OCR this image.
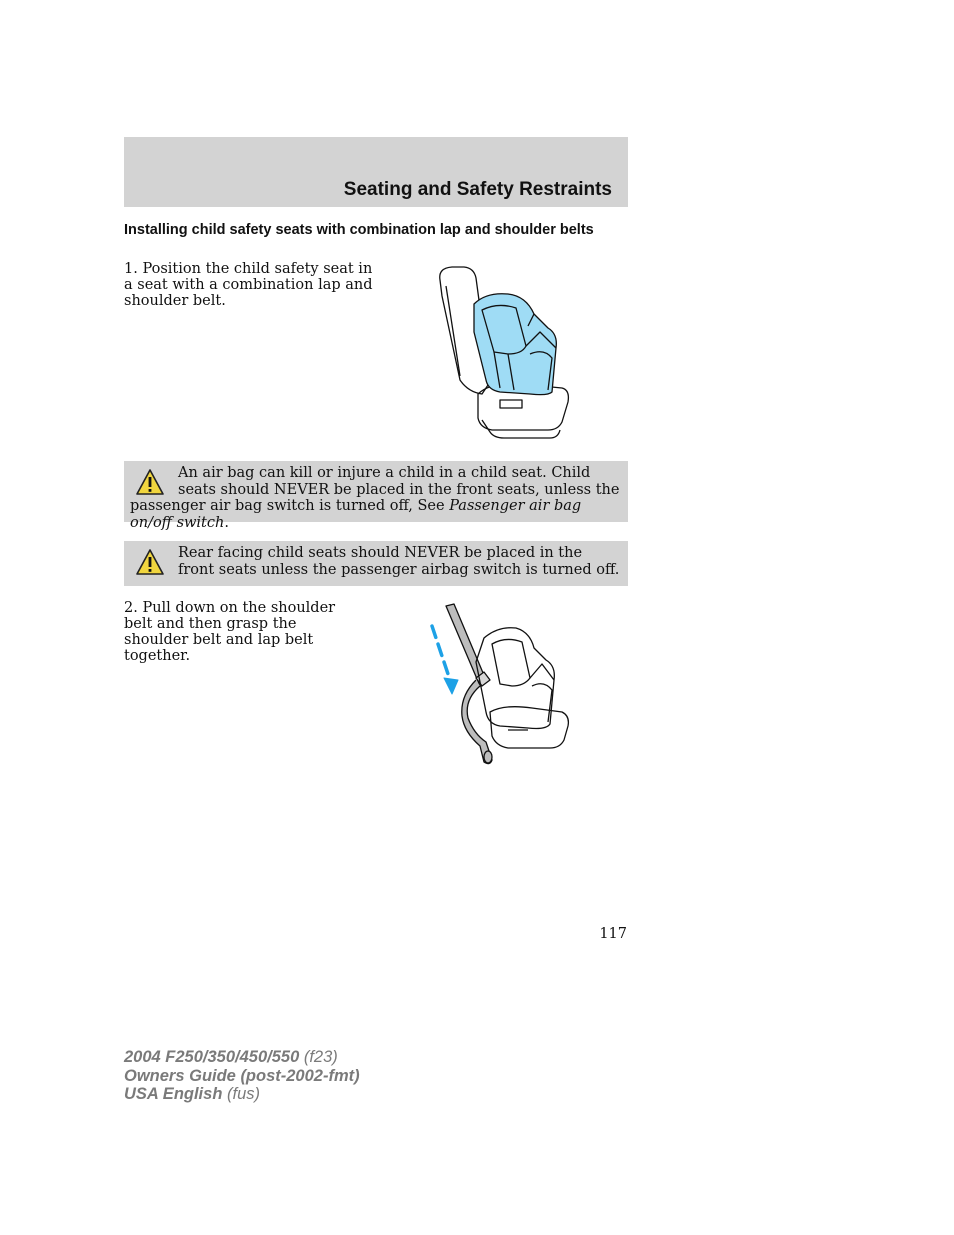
Seating and Safety Restraints
Installing child safety seats with combination lap and shoulder belts
1. Position the child safety seat in a seat with a combination lap and shoulder belt.
An air bag can kill or injure a child in a child seat. Child seats should NEVER be placed in the front seats, unless the passenger air bag switch is turned off, See Passenger air bag on/off switch.
Rear facing child seats should NEVER be placed in the front seats unless the passenger airbag switch is turned off.
2. Pull down on the shoulder belt and then grasp the shoulder belt and lap belt together.
117
2004 F250/350/450/550 (f23)
Owners Guide (post-2002-fmt)
USA English (fus)
